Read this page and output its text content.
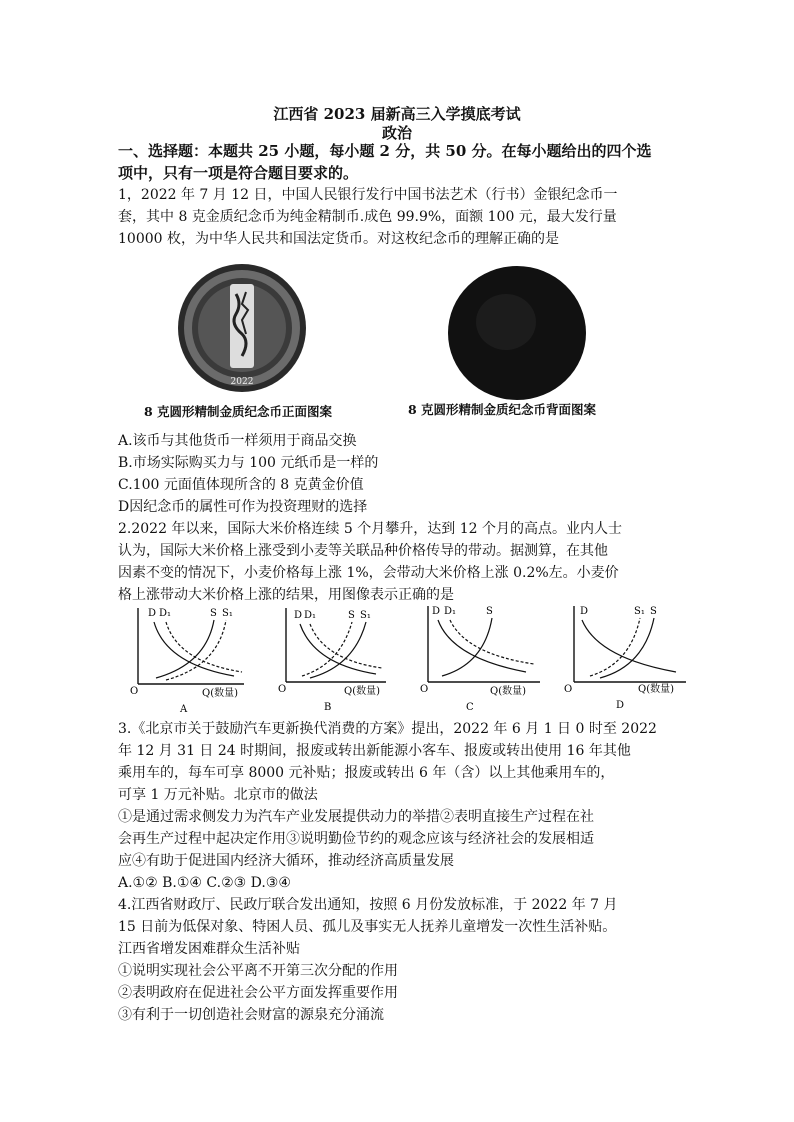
江西省 2023 届新高三入学摸底考试
政治
一、选择题：本题共 25 小题，每小题 2 分，共 50 分。在每小题给出的四个选
项中，只有一项是符合题目要求的。
1，2022 年 7 月 12 日，中国人民银行发行中国书法艺术（行书）金银纪念币一
套，其中 8 克金质纪念币为纯金精制币.成色 99.9%，面额 100 元，最大发行量
10000 枚，为中华人民共和国法定货币。对这枚纪念币的理解正确的是
2022
8 克圆形精制金质纪念币正面图案	8 克圆形精制金质纪念币背面图案
A.该币与其他货币一样须用于商品交换
B.市场实际购买力与 100 元纸币是一样的
C.100 元面值体现所含的 8 克黄金价值
D因纪念币的属性可作为投资理财的选择
2.2022 年以来，国际大米价格连续 5 个月攀升，达到 12 个月的高点。业内人士
认为，国际大米价格上涨受到小麦等关联品种价格传导的带动。据测算，在其他
因素不变的情况下，小麦价格每上涨 1%，会带动大米价格上涨 0.2%左。小麦价
格上涨带动大米价格上涨的结果，用图像表示正确的是
D D₁	S S₁
O	Q(数量)
A
D D₁	S S₁
O	Q(数量)
B
D D₁	S
O	Q(数量)
C
D	S₁ S
O	Q(数量)
D
3.《北京市关于鼓励汽车更新换代消费的方案》提出，2022 年 6 月 1 日 0 时至 2022
年 12 月 31 日 24 时期间，报废或转出新能源小客车、报废或转出使用 16 年其他
乘用车的，每车可享 8000 元补贴；报废或转出 6 年（含）以上其他乘用车的，
可享 1 万元补贴。北京市的做法
①是通过需求侧发力为汽车产业发展提供动力的举措②表明直接生产过程在社
会再生产过程中起决定作用③说明勤俭节约的观念应该与经济社会的发展相适
应④有助于促进国内经济大循环，推动经济高质量发展
A.①② B.①④ C.②③ D.③④
4.江西省财政厅、民政厅联合发出通知，按照 6 月份发放标准，于 2022 年 7 月
15 日前为低保对象、特困人员、孤儿及事实无人抚养儿童增发一次性生活补贴。
江西省增发困难群众生活补贴
①说明实现社会公平离不开第三次分配的作用
②表明政府在促进社会公平方面发挥重要作用
③有利于一切创造社会财富的源泉充分涌流
